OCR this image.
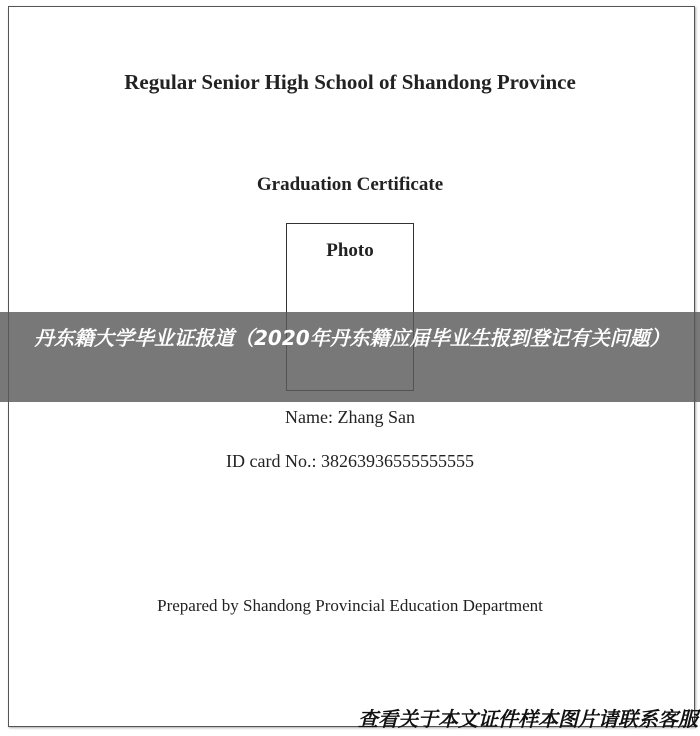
Regular Senior High School of Shandong Province
Graduation Certificate
Photo
Name: Zhang San
ID card No.: 38263936555555555
Prepared by Shandong Provincial Education Department

丹东籍大学毕业证报道（2020年丹东籍应届毕业生报到登记有关问题）

查看关于本文证件样本图片请联系客服
